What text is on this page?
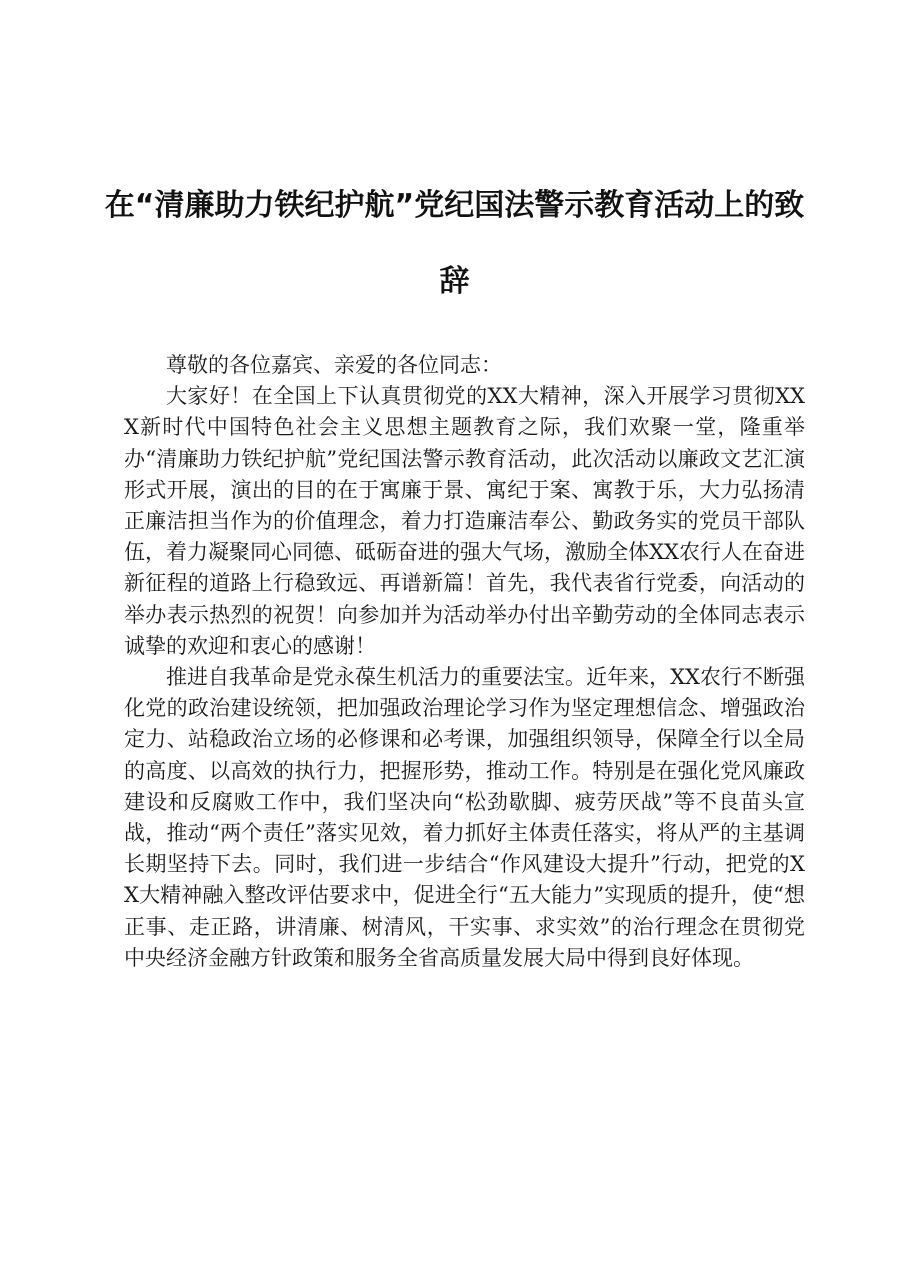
在“清廉助力铁纪护航”党纪国法警示教育活动上的致辞

尊敬的各位嘉宾、亲爱的各位同志：

大家好！在全国上下认真贯彻党的XX大精神，深入开展学习贯彻XXX新时代中国特色社会主义思想主题教育之际，我们欢聚一堂，隆重举办“清廉助力铁纪护航”党纪国法警示教育活动，此次活动以廉政文艺汇演形式开展，演出的目的在于寓廉于景、寓纪于案、寓教于乐，大力弘扬清正廉洁担当作为的价值理念，着力打造廉洁奉公、勤政务实的党员干部队伍，着力凝聚同心同德、砥砺奋进的强大气场，激励全体XX农行人在奋进新征程的道路上行稳致远、再谱新篇！首先，我代表省行党委，向活动的举办表示热烈的祝贺！向参加并为活动举办付出辛勤劳动的全体同志表示诚挚的欢迎和衷心的感谢！

推进自我革命是党永葆生机活力的重要法宝。近年来，XX农行不断强化党的政治建设统领，把加强政治理论学习作为坚定理想信念、增强政治定力、站稳政治立场的必修课和必考课，加强组织领导，保障全行以全局的高度、以高效的执行力，把握形势，推动工作。特别是在强化党风廉政建设和反腐败工作中，我们坚决向“松劲歇脚、疲劳厌战”等不良苗头宣战，推动“两个责任”落实见效，着力抓好主体责任落实，将从严的主基调长期坚持下去。同时，我们进一步结合“作风建设大提升”行动，把党的XX大精神融入整改评估要求中，促进全行“五大能力”实现质的提升，使“想正事、走正路，讲清廉、树清风，干实事、求实效”的治行理念在贯彻党中央经济金融方针政策和服务全省高质量发展大局中得到良好体现。
